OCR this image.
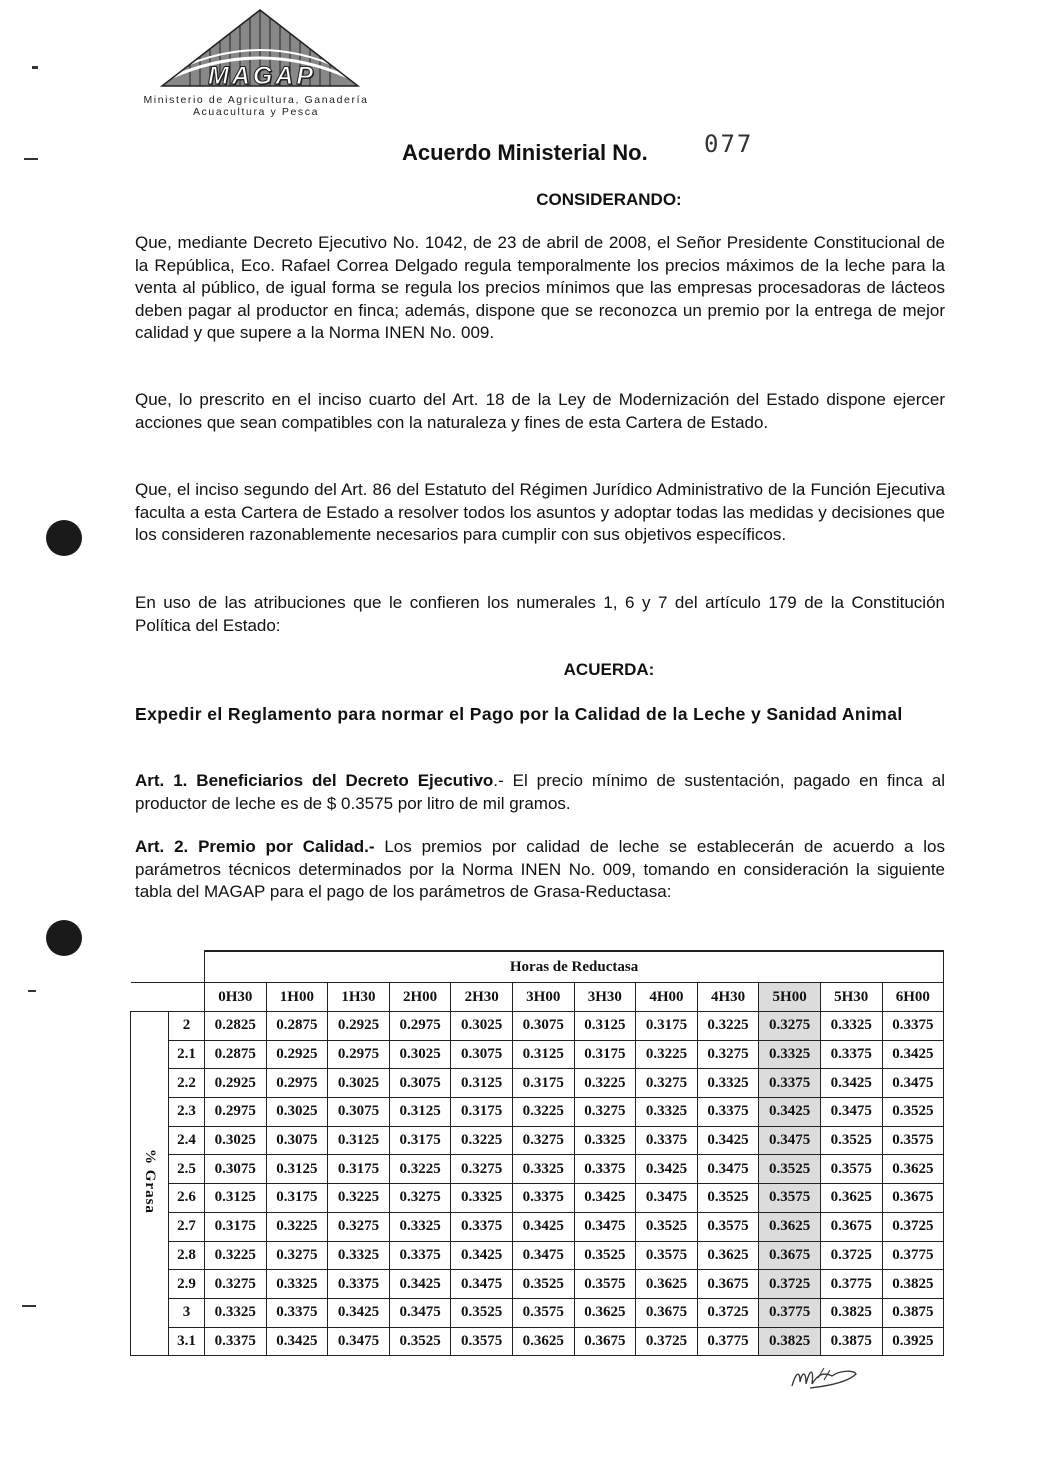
MAGAP
Ministerio de Agricultura, Ganadería
Acuacultura y Pesca
Acuerdo Ministerial No. 077
CONSIDERANDO:
Que, mediante Decreto Ejecutivo No. 1042, de 23 de abril de 2008, el Señor Presidente Constitucional de la República, Eco. Rafael Correa Delgado regula temporalmente los precios máximos de la leche para la venta al público, de igual forma se regula los precios mínimos que las empresas procesadoras de lácteos deben pagar al productor en finca; además, dispone que se reconozca un premio por la entrega de mejor calidad y que supere a la Norma INEN No. 009.
Que, lo prescrito en el inciso cuarto del Art. 18 de la Ley de Modernización del Estado dispone ejercer acciones que sean compatibles con la naturaleza y fines de esta Cartera de Estado.
Que, el inciso segundo del Art. 86 del Estatuto del Régimen Jurídico Administrativo de la Función Ejecutiva faculta a esta Cartera de Estado a resolver todos los asuntos y adoptar todas las medidas y decisiones que los consideren razonablemente necesarios para cumplir con sus objetivos específicos.
En uso de las atribuciones que le confieren los numerales 1, 6 y 7 del artículo 179 de la Constitución Política del Estado:
ACUERDA:
Expedir el Reglamento para normar el Pago por la Calidad de la Leche y Sanidad Animal
Art. 1. Beneficiarios del Decreto Ejecutivo.- El precio mínimo de sustentación, pagado en finca al productor de leche es de $ 0.3575 por litro de mil gramos.
Art. 2. Premio por Calidad.- Los premios por calidad de leche se establecerán de acuerdo a los parámetros técnicos determinados por la Norma INEN No. 009, tomando en consideración la siguiente tabla del MAGAP para el pago de los parámetros de Grasa-Reductasa:
		Horas de Reductasa											
		0H30	1H00	1H30	2H00	2H30	3H00	3H30	4H00	4H30	5H00	5H30	6H00
% Grasa	2	0.2825	0.2875	0.2925	0.2975	0.3025	0.3075	0.3125	0.3175	0.3225	0.3275	0.3325	0.3375
	2.1	0.2875	0.2925	0.2975	0.3025	0.3075	0.3125	0.3175	0.3225	0.3275	0.3325	0.3375	0.3425
	2.2	0.2925	0.2975	0.3025	0.3075	0.3125	0.3175	0.3225	0.3275	0.3325	0.3375	0.3425	0.3475
	2.3	0.2975	0.3025	0.3075	0.3125	0.3175	0.3225	0.3275	0.3325	0.3375	0.3425	0.3475	0.3525
	2.4	0.3025	0.3075	0.3125	0.3175	0.3225	0.3275	0.3325	0.3375	0.3425	0.3475	0.3525	0.3575
	2.5	0.3075	0.3125	0.3175	0.3225	0.3275	0.3325	0.3375	0.3425	0.3475	0.3525	0.3575	0.3625
	2.6	0.3125	0.3175	0.3225	0.3275	0.3325	0.3375	0.3425	0.3475	0.3525	0.3575	0.3625	0.3675
	2.7	0.3175	0.3225	0.3275	0.3325	0.3375	0.3425	0.3475	0.3525	0.3575	0.3625	0.3675	0.3725
	2.8	0.3225	0.3275	0.3325	0.3375	0.3425	0.3475	0.3525	0.3575	0.3625	0.3675	0.3725	0.3775
	2.9	0.3275	0.3325	0.3375	0.3425	0.3475	0.3525	0.3575	0.3625	0.3675	0.3725	0.3775	0.3825
	3	0.3325	0.3375	0.3425	0.3475	0.3525	0.3575	0.3625	0.3675	0.3725	0.3775	0.3825	0.3875
	3.1	0.3375	0.3425	0.3475	0.3525	0.3575	0.3625	0.3675	0.3725	0.3775	0.3825	0.3875	0.3925
